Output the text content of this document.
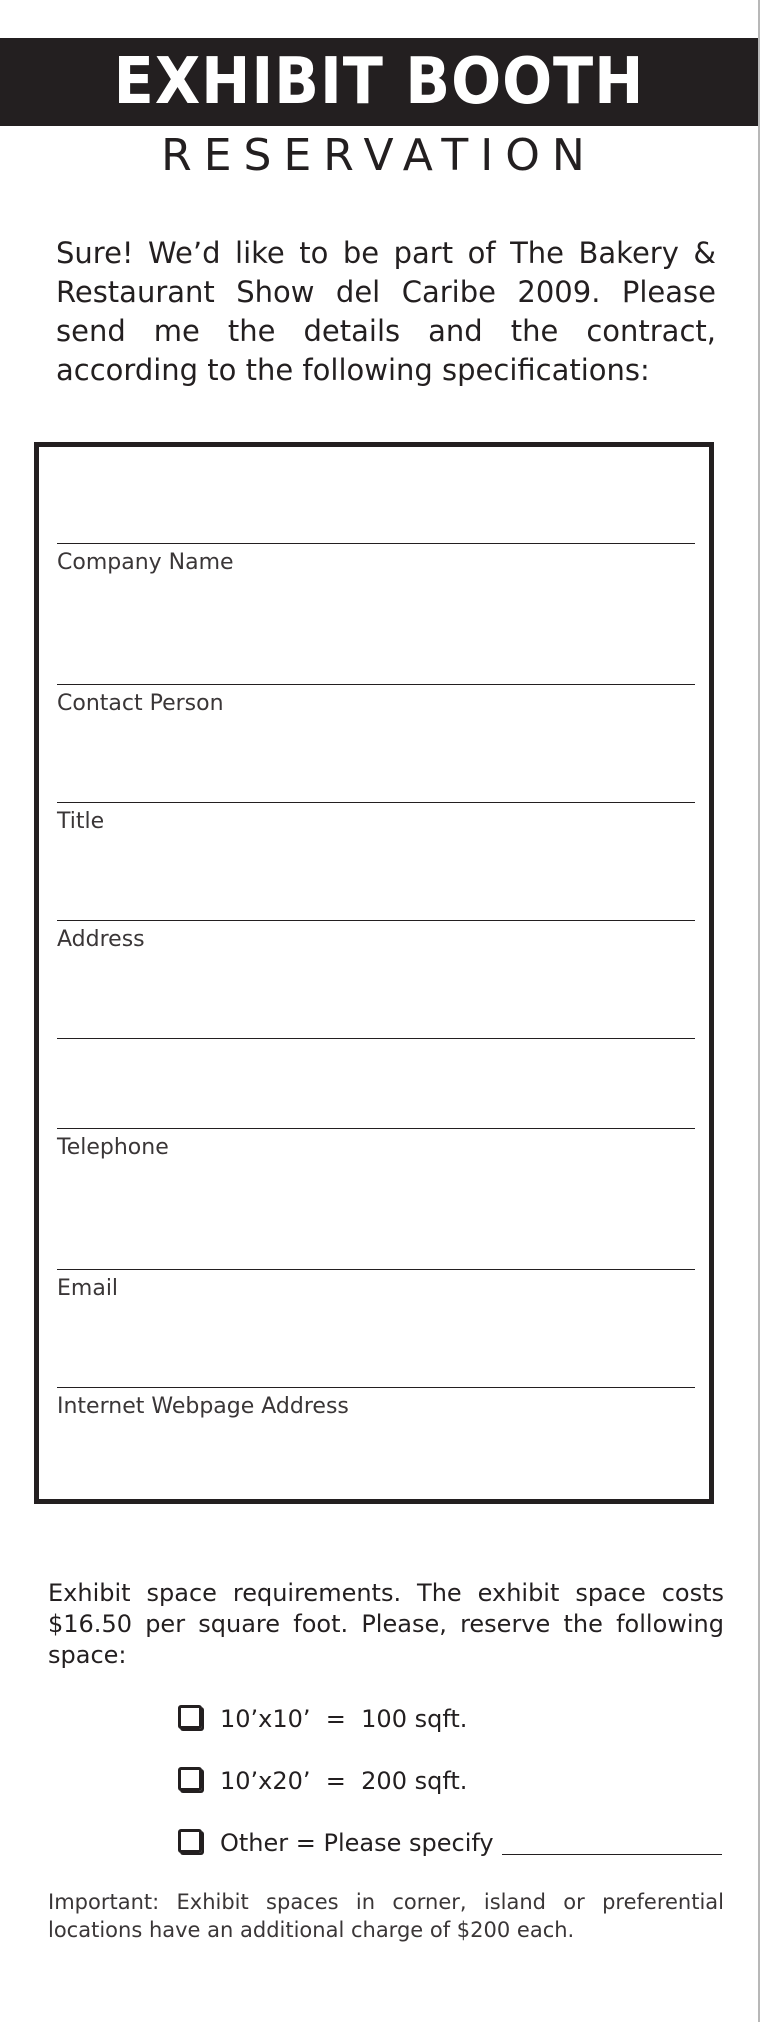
EXHIBIT BOOTH
RESERVATION
Sure! We’d like to be part of The Bakery & Restaurant Show del Caribe 2009. Please send me the details and the contract, according to the following specifications:
Company Name
Contact Person
Title
Address
Telephone
Email
Internet Webpage Address
Exhibit space requirements. The exhibit space costs $16.50 per square foot. Please, reserve the following space:
10’x10’  =  100 sqft.
10’x20’  =  200 sqft.
Other = Please specify
Important: Exhibit spaces in corner, island or preferential locations have an additional charge of $200 each.
